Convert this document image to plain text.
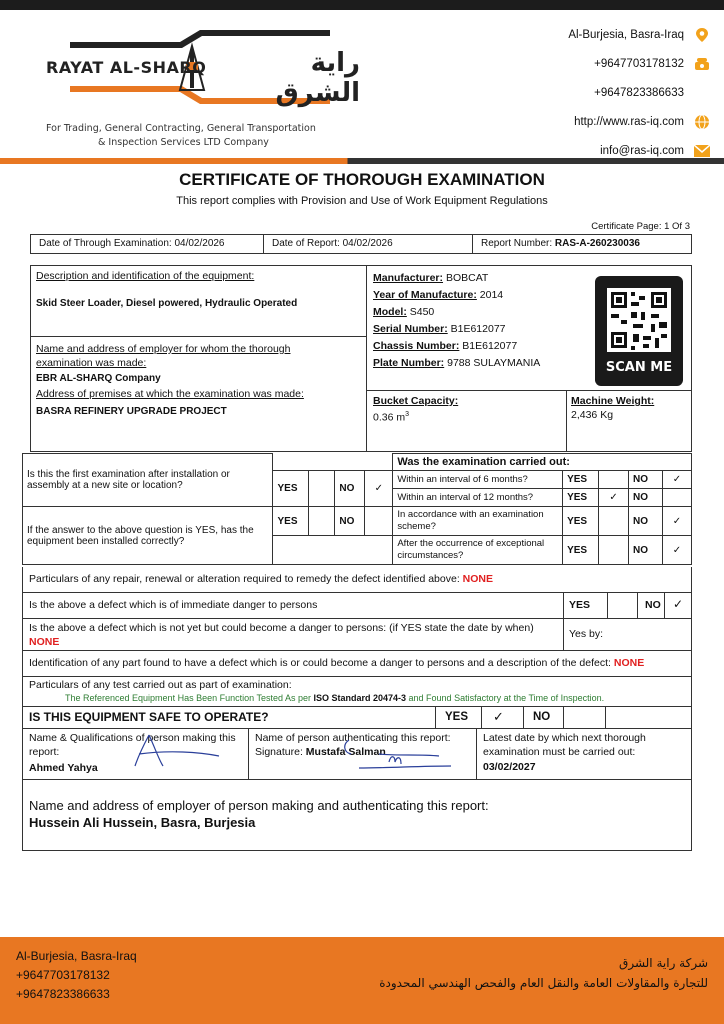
RAYAT AL-SHARQ	راية الشرق
For Trading, General Contracting, General Transportation
& Inspection Services LTD Company
Al-Burjesia, Basra-Iraq
+9647703178132
+9647823386633
http://www.ras-iq.com
info@ras-iq.com
CERTIFICATE OF THOROUGH EXAMINATION
This report complies with Provision and Use of Work Equipment Regulations
Certificate Page: 1 Of 3
Date of Through Examination: 04/02/2026	Date of Report: 04/02/2026	Report Number: RAS-A-260230036
Description and identification of the equipment:
Skid Steer Loader, Diesel powered, Hydraulic Operated
Name and address of employer for whom the thorough examination was made:
EBR AL-SHARQ Company
Address of premises at which the examination was made:
BASRA REFINERY UPGRADE PROJECT
Manufacturer: BOBCAT
Year of Manufacture: 2014
Model: S450
Serial Number: B1E612077
Chassis Number: B1E612077
Plate Number: 9788 SULAYMANIA	SCAN ME
Bucket Capacity:
0.36 $m^3$
Machine Weight:
2,436 Kg
Is this the first examination after installation or assembly at a new site or location?					Was the examination carried out:				
	YES		NO	✓	Within an interval of 6 months?	YES		NO	✓
					Within an interval of 12 months?	YES	✓	NO	
If the answer to the above question is YES, has the equipment been installed correctly?	YES		NO		In accordance with an examination scheme?	YES		NO	✓
					After the occurrence of exceptional circumstances?	YES		NO	✓
Particulars of any repair, renewal or alteration required to remedy the defect identified above: NONE
Is the above a defect which is of immediate danger to persons	YES	NO ✓
Is the above a defect which is not yet but could become a danger to persons: (if YES state the date by when) NONE
Yes by:
Identification of any part found to have a defect which is or could become a danger to persons and a description of the defect: NONE
Particulars of any test carried out as part of examination:
The Referenced Equipment Has Been Function Tested As per ISO Standard 20474-3 and Found Satisfactory at the Time of Inspection.
IS THIS EQUIPMENT SAFE TO OPERATE?	YES ✓	NO
Name & Qualifications of person making this report:
Ahmed Yahya
Name of person authenticating this report:
Signature: Mustafa Salman
Latest date by which next thorough examination must be carried out:
03/02/2027
Name and address of employer of person making and authenticating this report:
Hussein Ali Hussein, Basra, Burjesia
Al-Burjesia, Basra-Iraq
+9647703178132
+9647823386633
شركة راية الشرق
للتجارة والمقاولات العامة والنقل العام والفحص الهندسي المحدودة
